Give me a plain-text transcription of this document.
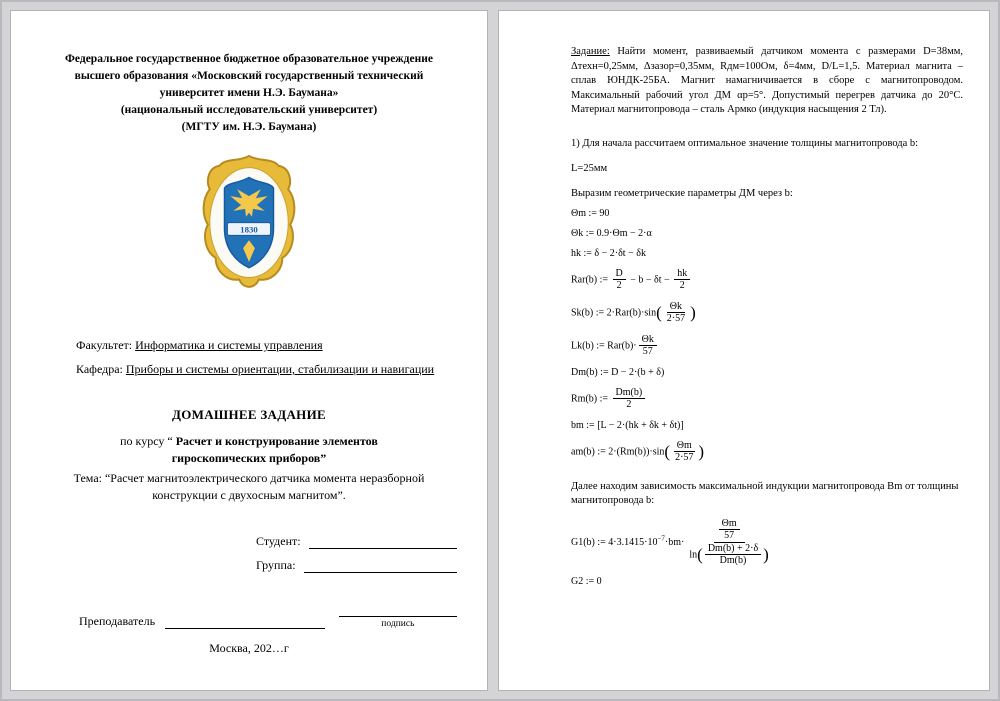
Федеральное государственное бюджетное образовательное учреждение
высшего образования «Московский государственный технический
университет имени Н.Э. Баумана»
(национальный исследовательский университет)
(МГТУ им. Н.Э. Баумана)
1830
Факультет: Информатика и системы управления
Кафедра: Приборы и системы ориентации, стабилизации и навигации
ДОМАШНЕЕ ЗАДАНИЕ
по курсу “ Расчет и конструирование элементов гироскопических приборов”
Тема: “Расчет магнитоэлектрического датчика момента неразборной конструкции с двухосным магнитом”.
Студент:
Группа:
Преподаватель	подпись
Москва, 202…г

Задание: Найти момент, развиваемый датчиком момента с размерами D=38мм, Δтехн=0,25мм, Δзазор=0,35мм, Rдм=100Ом, δ=4мм, D/L=1,5. Материал магнита – сплав ЮНДК-25БА. Магнит намагничивается в сборе с магнитопроводом. Максимальный рабочий угол ДМ αр=5°. Допустимый перегрев датчика до 20°С. Материал магнитопровода – сталь Армко (индукция насыщения 2 Тл).

1) Для начала рассчитаем оптимальное значение толщины магнитопровода b:
L=25мм
Выразим геометрические параметры ДМ через b:
Θm := 90
Θk := 0.9·Θm − 2·α
hk := δ − 2·δt − δk
Rar(b) := $\frac{D}{2} - b - \delta t - \frac{hk}{2}$
Sk(b) := $2\cdot Rar(b)\cdot\sin( \frac{\Theta k}{2\cdot 57}$ )
Lk(b) := $Rar(b)\cdot \frac{\Theta k}{57}$
Dm(b) := D − 2·(b + δ)
Rm(b) := $\frac{Dm(b)}{2}$
bm := [L − 2·(hk + δk + δt)]
am(b) := $2\cdot(Rm(b))\cdot\sin( \frac{\Theta m}{2\cdot 57}$ )

Далее находим зависимость максимальной индукции магнитопровода Bm от толщины магнитопровода b:

G1(b) := $4\cdot 3.1415\cdot 10^{-7}\cdot bm\cdot \frac{\frac{\Theta m}{57}}{\ln( \frac{Dm(b) + 2\cdot\delta}{Dm(b)} )}$
G2 := 0
